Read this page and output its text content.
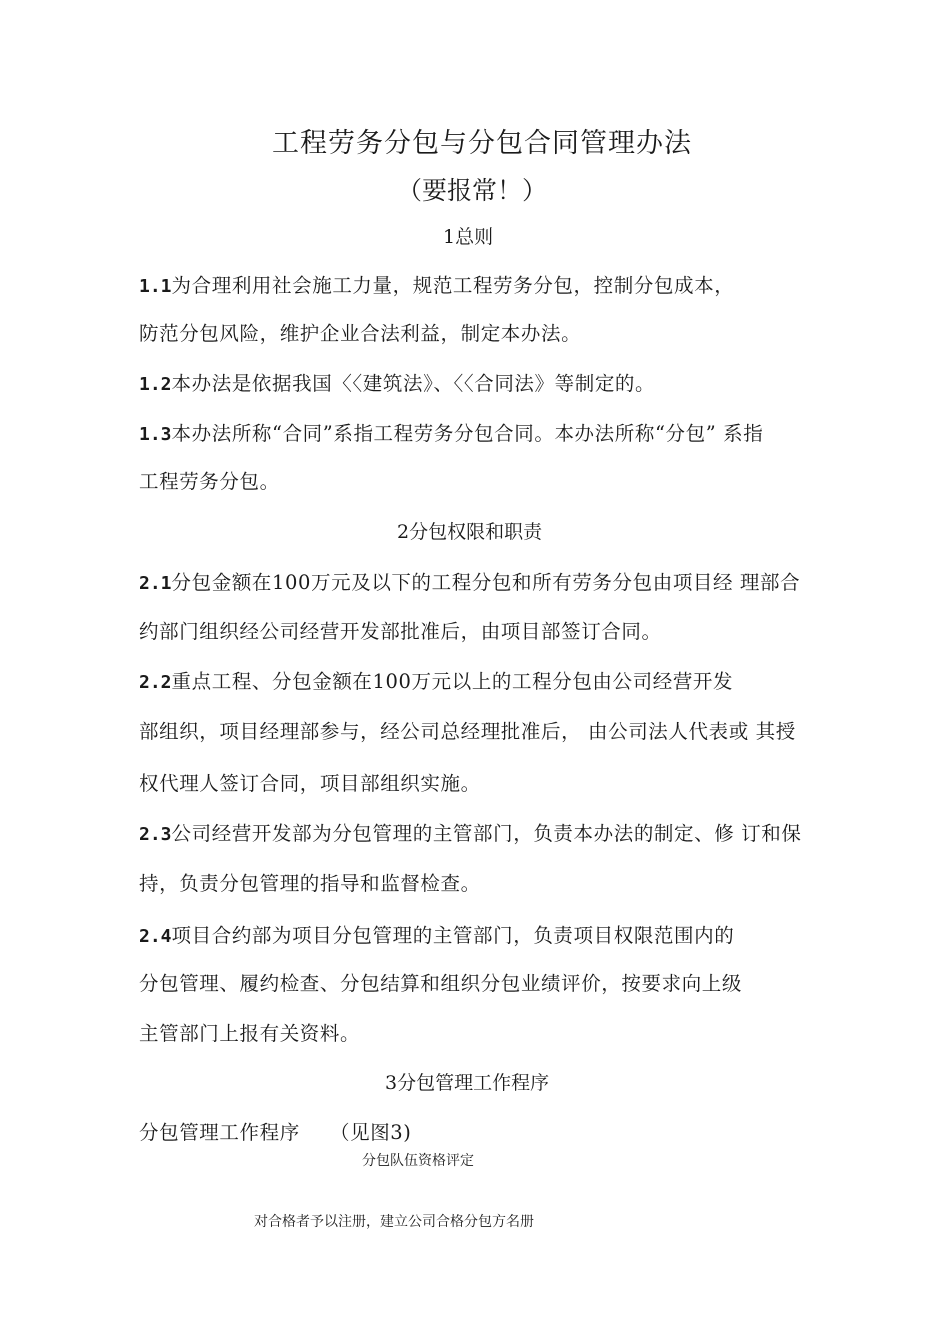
工程劳务分包与分包合同管理办法
（要报常！）
1总则
1.1为合理利用社会施工力量，规范工程劳务分包，控制分包成本，
防范分包风险，维护企业合法利益，制定本办法。
1.2本办法是依据我国〈〈建筑法》、〈〈合同法》等制定的。
1.3本办法所称“合同”系指工程劳务分包合同。本办法所称“分包” 系指
工程劳务分包。
2分包权限和职责
2.1分包金额在100万元及以下的工程分包和所有劳务分包由项目经 理部合
约部门组织经公司经营开发部批准后，由项目部签订合同。
2.2重点工程、分包金额在100万元以上的工程分包由公司经营开发
部组织，项目经理部参与，经公司总经理批准后， 由公司法人代表或 其授
权代理人签订合同，项目部组织实施。
2.3公司经营开发部为分包管理的主管部门，负责本办法的制定、修 订和保
持，负责分包管理的指导和监督检查。
2.4项目合约部为项目分包管理的主管部门，负责项目权限范围内的
分包管理、履约检查、分包结算和组织分包业绩评价，按要求向上级
主管部门上报有关资料。
3分包管理工作程序
分包管理工作程序 （见图3)
分包队伍资格评定
对合格者予以注册，建立公司合格分包方名册
